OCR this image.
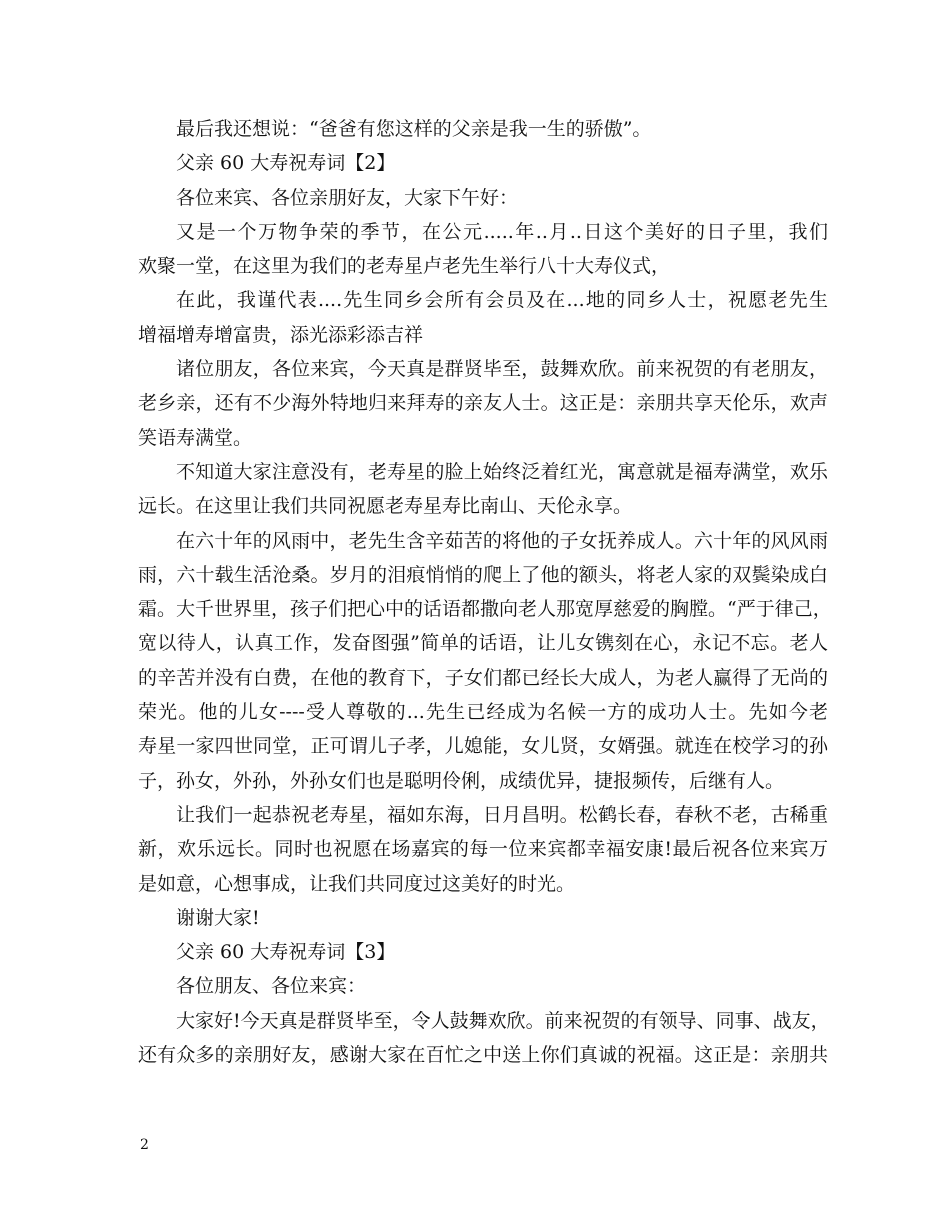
最后我还想说：“爸爸有您这样的父亲是我一生的骄傲”。
父亲 60 大寿祝寿词【2】
各位来宾、各位亲朋好友，大家下午好：
又是一个万物争荣的季节，在公元.....年..月..日这个美好的日子里，我们
欢聚一堂，在这里为我们的老寿星卢老先生举行八十大寿仪式，
在此，我谨代表....先生同乡会所有会员及在...地的同乡人士，祝愿老先生
增福增寿增富贵，添光添彩添吉祥
诸位朋友，各位来宾，今天真是群贤毕至，鼓舞欢欣。前来祝贺的有老朋友，
老乡亲，还有不少海外特地归来拜寿的亲友人士。这正是：亲朋共享天伦乐，欢声
笑语寿满堂。
不知道大家注意没有，老寿星的脸上始终泛着红光，寓意就是福寿满堂，欢乐
远长。在这里让我们共同祝愿老寿星寿比南山、天伦永享。
在六十年的风雨中，老先生含辛茹苦的将他的子女抚养成人。六十年的风风雨
雨，六十载生活沧桑。岁月的泪痕悄悄的爬上了他的额头，将老人家的双鬓染成白
霜。大千世界里，孩子们把心中的话语都撒向老人那宽厚慈爱的胸膛。“严于律己，
宽以待人，认真工作，发奋图强”简单的话语，让儿女镌刻在心，永记不忘。老人
的辛苦并没有白费，在他的教育下，子女们都已经长大成人，为老人赢得了无尚的
荣光。他的儿女----受人尊敬的...先生已经成为名候一方的成功人士。先如今老
寿星一家四世同堂，正可谓儿子孝，儿媳能，女儿贤，女婿强。就连在校学习的孙
子，孙女，外孙，外孙女们也是聪明伶俐，成绩优异，捷报频传，后继有人。
让我们一起恭祝老寿星，福如东海，日月昌明。松鹤长春，春秋不老，古稀重
新，欢乐远长。同时也祝愿在场嘉宾的每一位来宾都幸福安康!最后祝各位来宾万
是如意，心想事成，让我们共同度过这美好的时光。
谢谢大家!
父亲 60 大寿祝寿词【3】
各位朋友、各位来宾：
大家好!今天真是群贤毕至，令人鼓舞欢欣。前来祝贺的有领导、同事、战友，
还有众多的亲朋好友，感谢大家在百忙之中送上你们真诚的祝福。这正是：亲朋共
2
